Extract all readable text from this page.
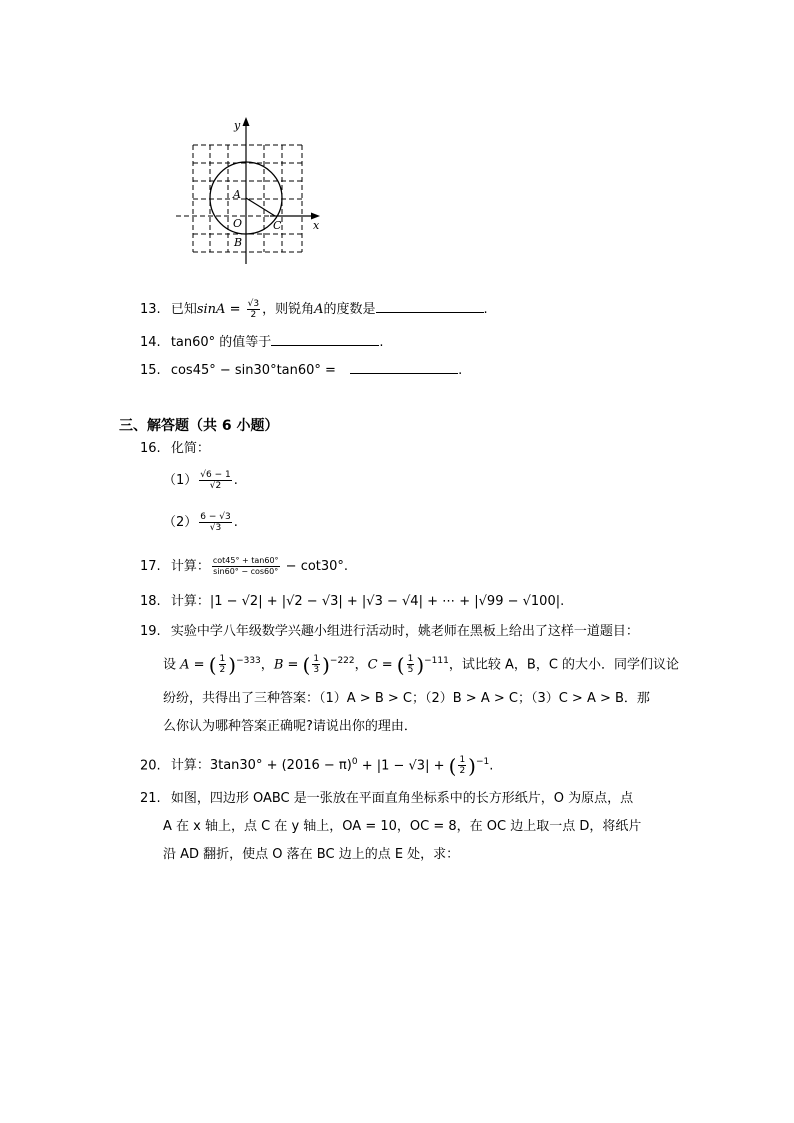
y
x
A
O	C
B
13. 已知$\sin A = \frac{√3}{2}$ ，则锐角A的度数是	.
14. tan60° 的值等于	.
15. cos45° − sin30°tan60° =	.
三、解答题（共 6 小题）
16. 化简：
$(1) \frac{√6 - 1}{√2}$ .
$(2) \frac{6 - √3}{√3}$ .
17. 计算： $\frac{\cot 45^\circ + \tan 60^\circ}{\sin 60^\circ - \cos 60^\circ} - \cot 30^\circ$.
18. 计算：|1 − √2| + |√2 − √3| + |√3 − √4| + ⋯ + |√99 − √100|.
19. 实验中学八年级数学兴趣小组进行活动时，姚老师在黑板上给出了这样一道题目：
设 A = ( $\frac{1}{2} )^{-333}$，B = ( $\frac{1}{3} )^{-222}$，C = ( $\frac{1}{5} )^{-111}$，试比较 A，B，C 的大小．同学们议论
纷纷，共得出了三种答案：（1）A > B > C；（2）B > A > C；（3）C > A > B．那
么你认为哪种答案正确呢?请说出你的理由．
20. 计算：$3\tan 30^\circ + (2016 - \pi)^0 + |1 - √3|$ + ( $\frac{1}{2} )^{-1}$.
21. 如图，四边形 OABC 是一张放在平面直角坐标系中的长方形纸片，O 为原点，点
A 在 x 轴上，点 C 在 y 轴上，OA = 10，OC = 8，在 OC 边上取一点 D，将纸片
沿 AD 翻折，使点 O 落在 BC 边上的点 E 处，求：
